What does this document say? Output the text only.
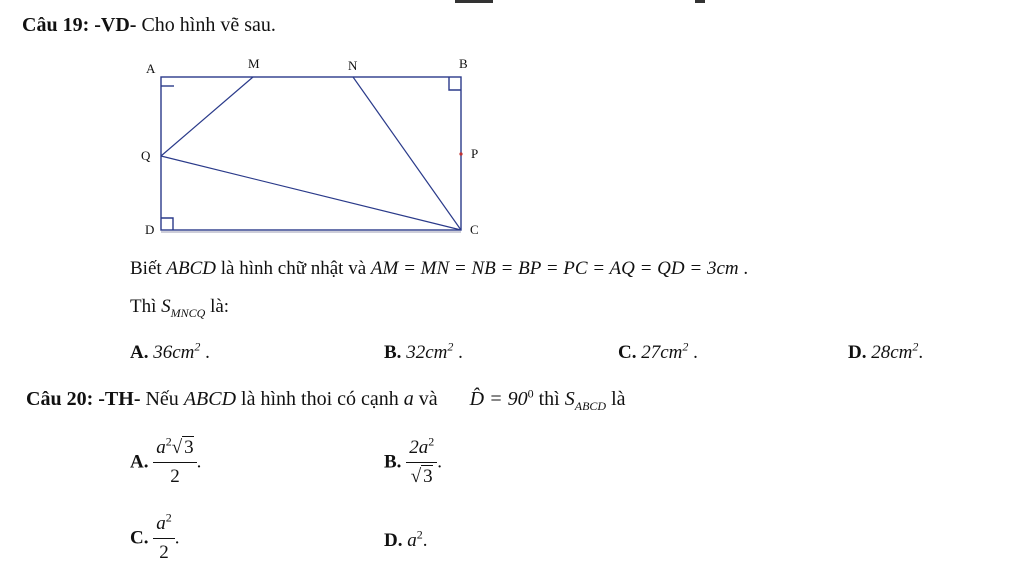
Câu 19: -VD- Cho hình vẽ sau.
A	M	N	B
Q	P
D	C
Biết ABCD là hình chữ nhật và AM = MN = NB = BP = PC = AQ = QD = 3cm .
Thì $S_{MNCQ}$ là:
A. $36cm^2$ .	B. $32cm^2$ .	C. $27cm^2$ .	D. $28cm^2$.
Câu 20: -TH- Nếu ABCD là hình thoi có cạnh a và D̂ = $90^0$ thì $S_{ABCD}$ là
A. $\frac{a^2√ 3}{2}$ .	B. $\frac{2a^2}{√ 3}$ .
C. $\frac{a^2}{2}$ .	D. $a^2$.
